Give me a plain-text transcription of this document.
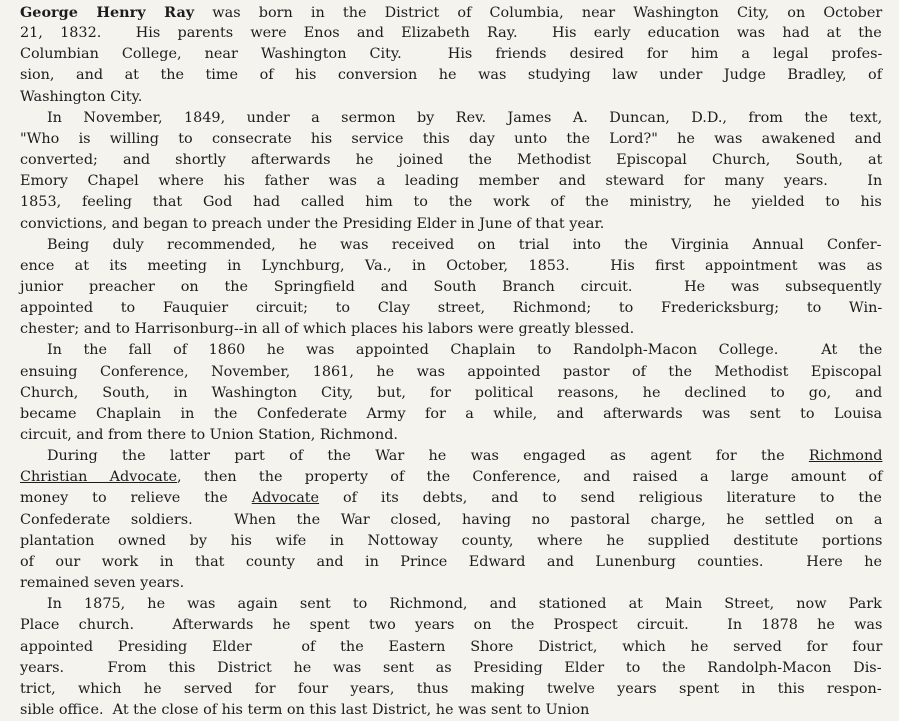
George Henry Ray was born in the District of Columbia, near Washington City, on October
21, 1832.  His parents were Enos and Elizabeth Ray.  His early education was had at the
Columbian College, near Washington City.  His friends desired for him a legal profes-
sion, and at the time of his conversion he was studying law under Judge Bradley, of
Washington City.
In November, 1849, under a sermon by Rev. James A. Duncan, D.D., from the text,
"Who is willing to consecrate his service this day unto the Lord?" he was awakened and
converted; and shortly afterwards he joined the Methodist Episcopal Church, South, at
Emory Chapel where his father was a leading member and steward for many years.  In
1853, feeling that God had called him to the work of the ministry, he yielded to his
convictions, and began to preach under the Presiding Elder in June of that year.
Being duly recommended, he was received on trial into the Virginia Annual Confer-
ence at its meeting in Lynchburg, Va., in October, 1853.  His first appointment was as
junior preacher on the Springfield and South Branch circuit.  He was subsequently
appointed to Fauquier circuit; to Clay street, Richmond; to Fredericksburg; to Win-
chester; and to Harrisonburg--in all of which places his labors were greatly blessed.
In the fall of 1860 he was appointed Chaplain to Randolph-Macon College.  At the
ensuing Conference, November, 1861, he was appointed pastor of the Methodist Episcopal
Church, South, in Washington City, but, for political reasons, he declined to go, and
became Chaplain in the Confederate Army for a while, and afterwards was sent to Louisa
circuit, and from there to Union Station, Richmond.
During the latter part of the War he was engaged as agent for the Richmond
Christian Advocate, then the property of the Conference, and raised a large amount of
money to relieve the Advocate of its debts, and to send religious literature to the
Confederate soldiers.  When the War closed, having no pastoral charge, he settled on a
plantation owned by his wife in Nottoway county, where he supplied destitute portions
of our work in that county and in Prince Edward and Lunenburg counties.  Here he
remained seven years.
In 1875, he was again sent to Richmond, and stationed at Main Street, now Park
Place church.  Afterwards he spent two years on the Prospect circuit.  In 1878 he was
appointed Presiding Elder  of the Eastern Shore District, which he served for four
years.  From this District he was sent as Presiding Elder to the Randolph-Macon Dis-
trict, which he served for four years, thus making twelve years spent in this respon-
sible office.  At the close of his term on this last District, he was sent to Union
